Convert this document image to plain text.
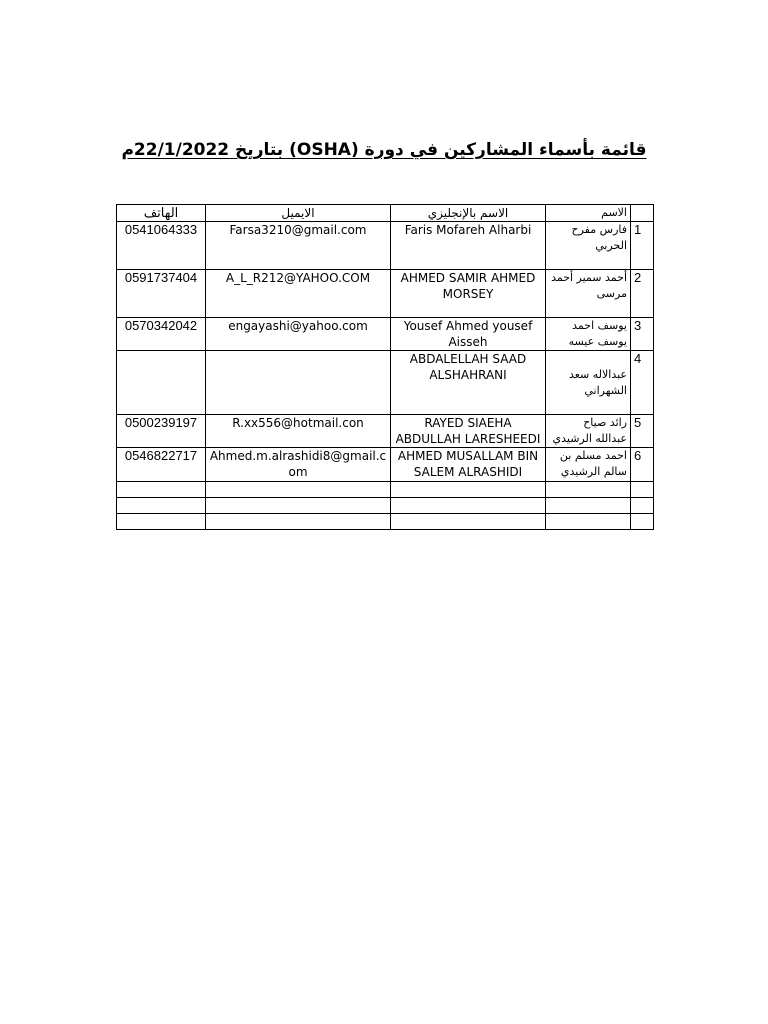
قائمة بأسماء المشاركين في دورة (OSHA) بتاريخ 22/1/2022م
	الاسم	الاسم بالإنجليزي	الايميل	الهاتف
1	فارس مفرح الحربي	Faris Mofareh Alharbi	Farsa3210@gmail.com	0541064333
2	أحمد سمير أحمد مرسى	AHMED SAMIR AHMED MORSEY	A_L_R212@YAHOO.COM	0591737404
3	يوسف احمد يوسف عيسه	Yousef Ahmed yousef Aisseh	engayashi@yahoo.com	0570342042
4	عبدالاله سعد الشهراني	ABDALELLAH SAAD ALSHAHRANI		
5	رائد صياح عبدالله الرشيدي	RAYED SIAEHA ABDULLAH LARESHEEDI	R.xx556@hotmail.con	0500239197
6	احمد مسلم بن سالم الرشيدي	AHMED MUSALLAM BIN SALEM ALRASHIDI	Ahmed.m.alrashidi8@gmail.com	0546822717
